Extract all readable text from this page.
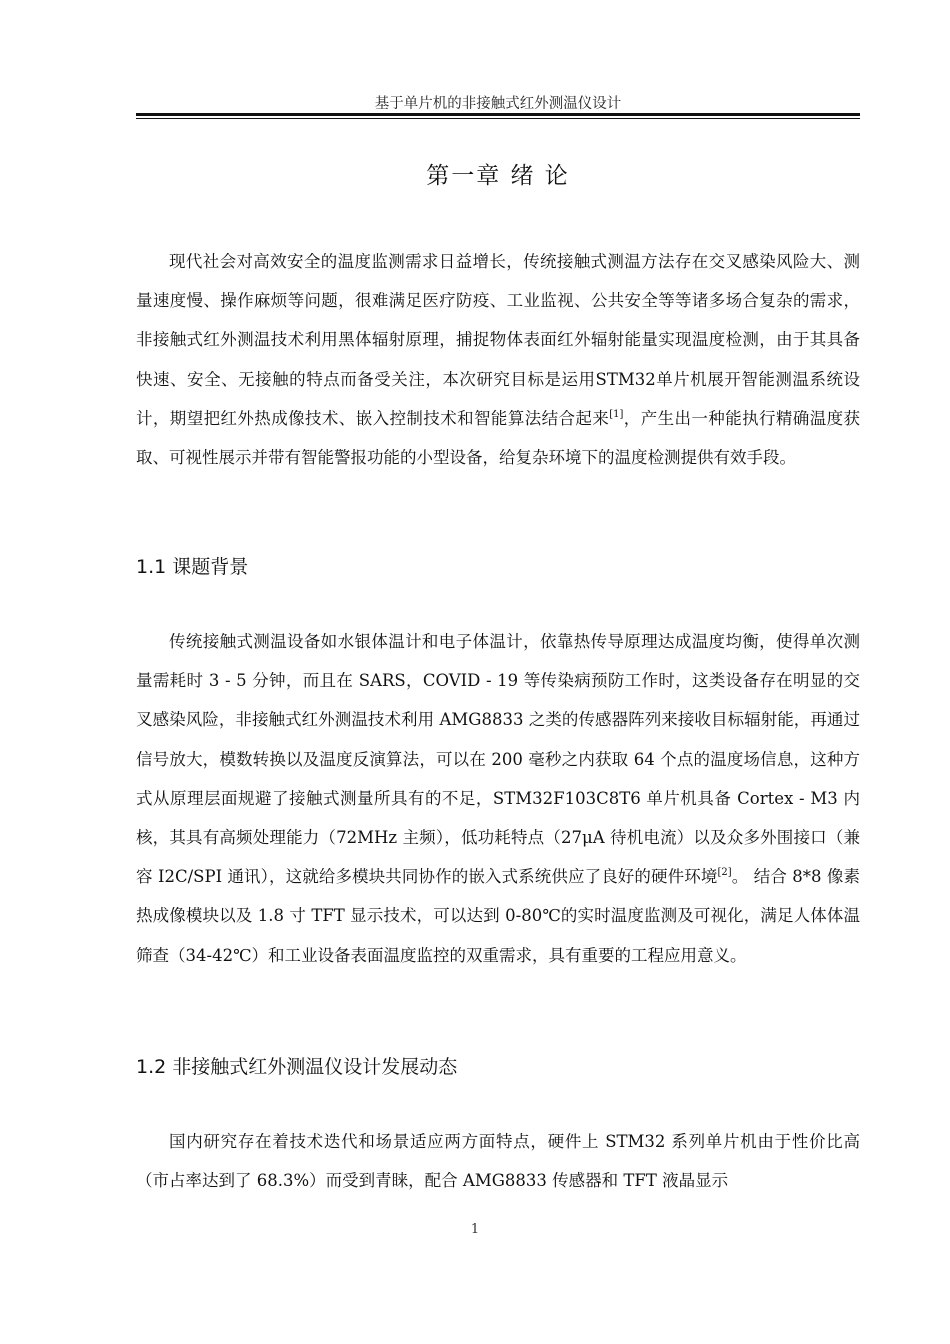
基于单片机的非接触式红外测温仪设计
第一章 绪 论

现代社会对高效安全的温度监测需求日益增长，传统接触式测温方法存在交叉感染风险大、测量速度慢、操作麻烦等问题，很难满足医疗防疫、工业监视、公共安全等等诸多场合复杂的需求，非接触式红外测温技术利用黑体辐射原理，捕捉物体表面红外辐射能量实现温度检测，由于其具备快速、安全、无接触的特点而备受关注，本次研究目标是运用STM32单片机展开智能测温系统设计，期望把红外热成像技术、嵌入控制技术和智能算法结合起来[1]，产生出一种能执行精确温度获取、可视性展示并带有智能警报功能的小型设备，给复杂环境下的温度检测提供有效手段。

1.1 课题背景

传统接触式测温设备如水银体温计和电子体温计，依靠热传导原理达成温度均衡，使得单次测量需耗时 3 - 5 分钟，而且在 SARS，COVID - 19 等传染病预防工作时，这类设备存在明显的交叉感染风险，非接触式红外测温技术利用 AMG8833 之类的传感器阵列来接收目标辐射能，再通过信号放大，模数转换以及温度反演算法，可以在 200 毫秒之内获取 64 个点的温度场信息，这种方式从原理层面规避了接触式测量所具有的不足，STM32F103C8T6 单片机具备 Cortex - M3 内核，其具有高频处理能力（72MHz 主频），低功耗特点（27μA 待机电流）以及众多外围接口（兼容 I2C/SPI 通讯），这就给多模块共同协作的嵌入式系统供应了良好的硬件环境[2]。 结合 8*8 像素热成像模块以及 1.8 寸 TFT 显示技术，可以达到 0-80℃的实时温度监测及可视化，满足人体体温筛查（34-42℃）和工业设备表面温度监控的双重需求，具有重要的工程应用意义。

1.2 非接触式红外测温仪设计发展动态

国内研究存在着技术迭代和场景适应两方面特点，硬件上 STM32 系列单片机由于性价比高（市占率达到了 68.3%）而受到青睐，配合 AMG8833 传感器和 TFT 液晶显示

1
